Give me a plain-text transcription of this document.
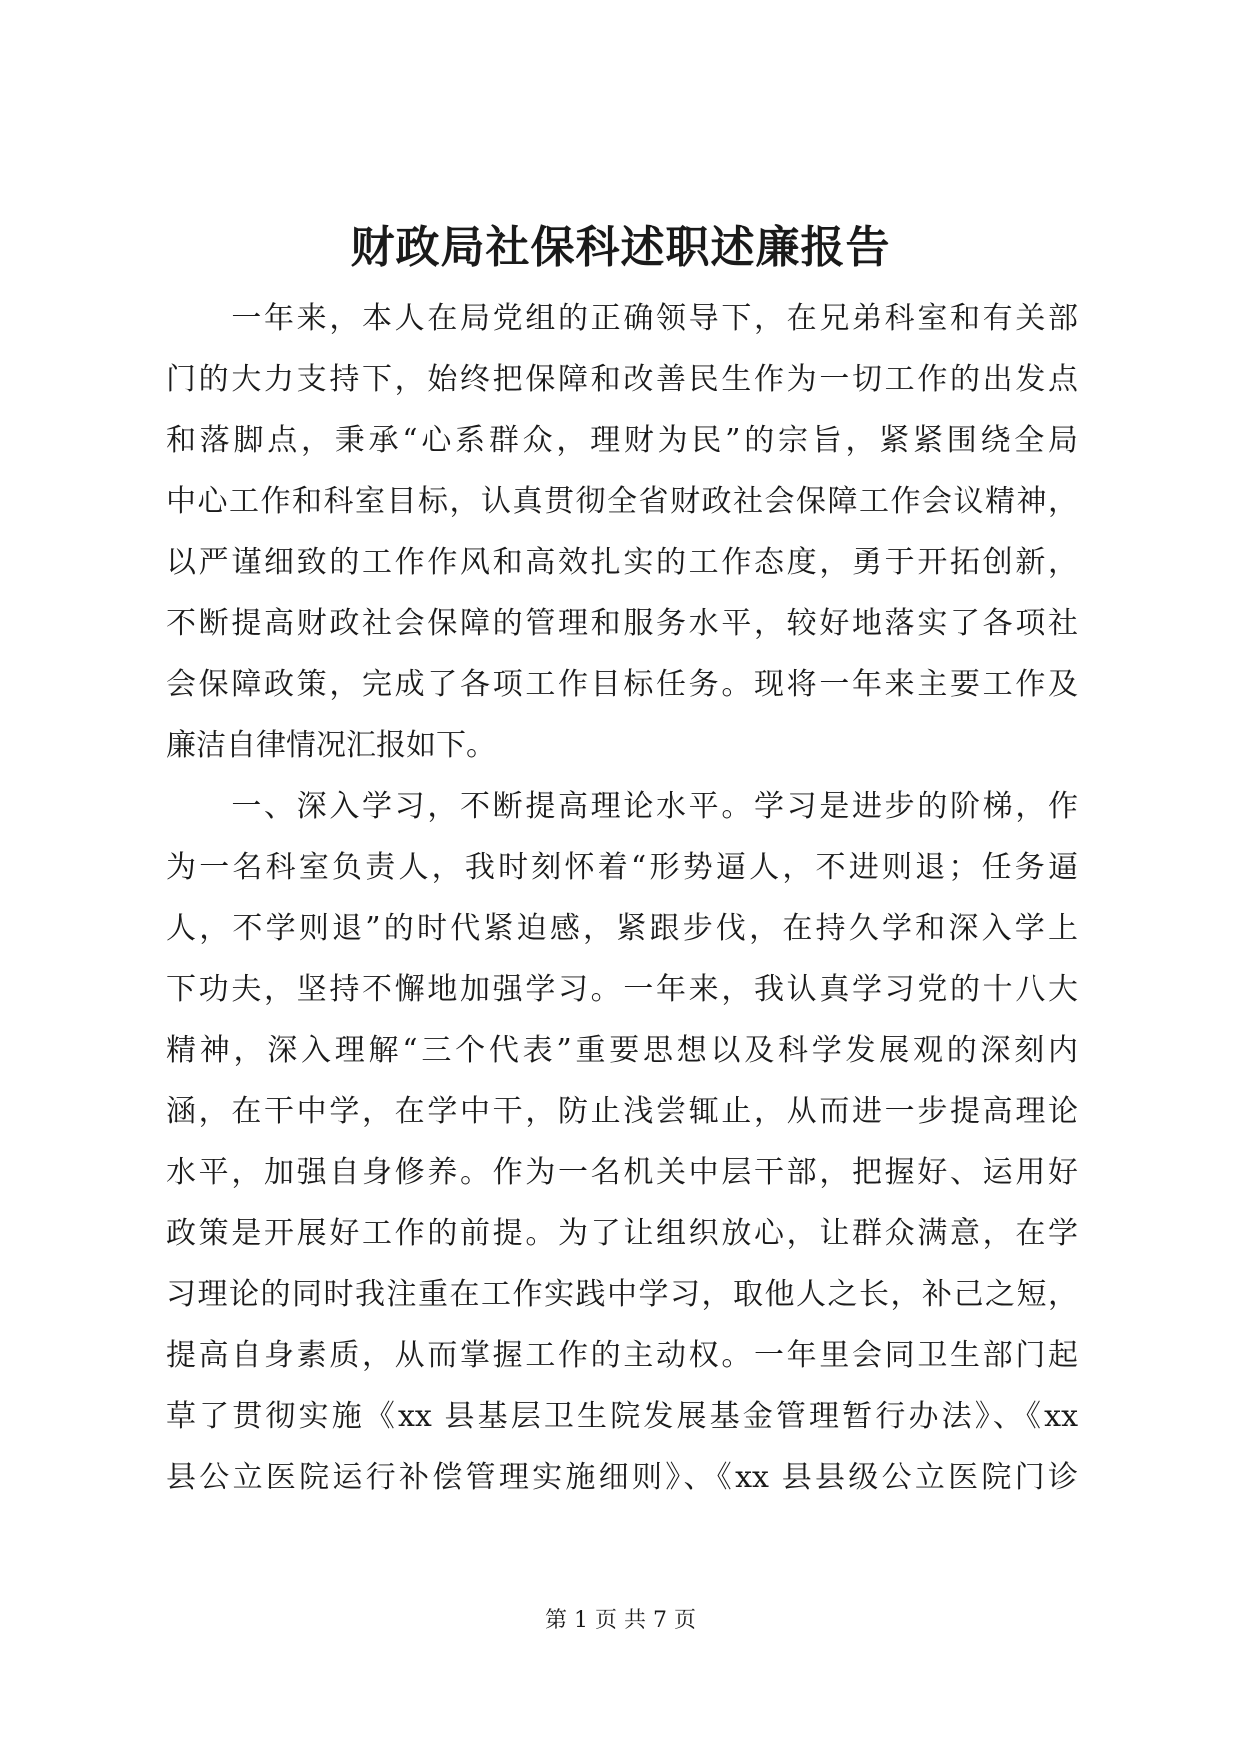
财政局社保科述职述廉报告
　　一年来，本人在局党组的正确领导下，在兄弟科室和有关部
门的大力支持下，始终把保障和改善民生作为一切工作的出发点
和落脚点，秉承“心系群众，理财为民”的宗旨，紧紧围绕全局
中心工作和科室目标，认真贯彻全省财政社会保障工作会议精神，
以严谨细致的工作作风和高效扎实的工作态度，勇于开拓创新，
不断提高财政社会保障的管理和服务水平，较好地落实了各项社
会保障政策，完成了各项工作目标任务。现将一年来主要工作及
廉洁自律情况汇报如下。
　　一、深入学习，不断提高理论水平。学习是进步的阶梯，作
为一名科室负责人，我时刻怀着“形势逼人，不进则退；任务逼
人，不学则退”的时代紧迫感，紧跟步伐，在持久学和深入学上
下功夫，坚持不懈地加强学习。一年来，我认真学习党的十八大
精神，深入理解“三个代表”重要思想以及科学发展观的深刻内
涵，在干中学，在学中干，防止浅尝辄止，从而进一步提高理论
水平，加强自身修养。作为一名机关中层干部，把握好、运用好
政策是开展好工作的前提。为了让组织放心，让群众满意，在学
习理论的同时我注重在工作实践中学习，取他人之长，补己之短，
提高自身素质，从而掌握工作的主动权。一年里会同卫生部门起
草了贯彻实施《xx 县基层卫生院发展基金管理暂行办法》、《xx
县公立医院运行补偿管理实施细则》、《xx 县县级公立医院门诊
第 1 页 共 7 页
